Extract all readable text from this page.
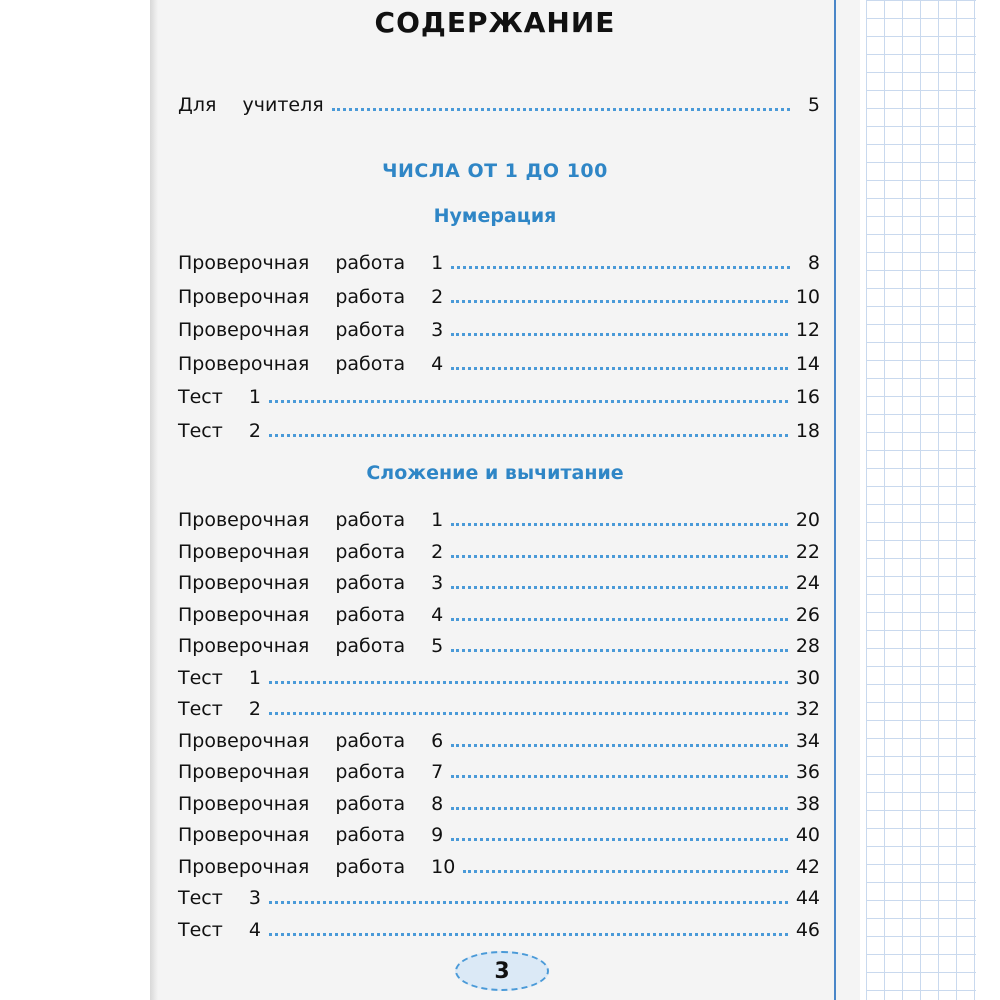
СОДЕРЖАНИЕ
Для  учителя	5
ЧИСЛА ОТ 1 ДО 100
Нумерация
Проверочная  работа  1	8
Проверочная  работа  2	10
Проверочная  работа  3	12
Проверочная  работа  4	14
Тест  1	16
Тест  2	18
Сложение и вычитание
Проверочная  работа  1	20
Проверочная  работа  2	22
Проверочная  работа  3	24
Проверочная  работа  4	26
Проверочная  работа  5	28
Тест  1	30
Тест  2	32
Проверочная  работа  6	34
Проверочная  работа  7	36
Проверочная  работа  8	38
Проверочная  работа  9	40
Проверочная  работа  10	42
Тест  3	44
Тест  4	46
3
